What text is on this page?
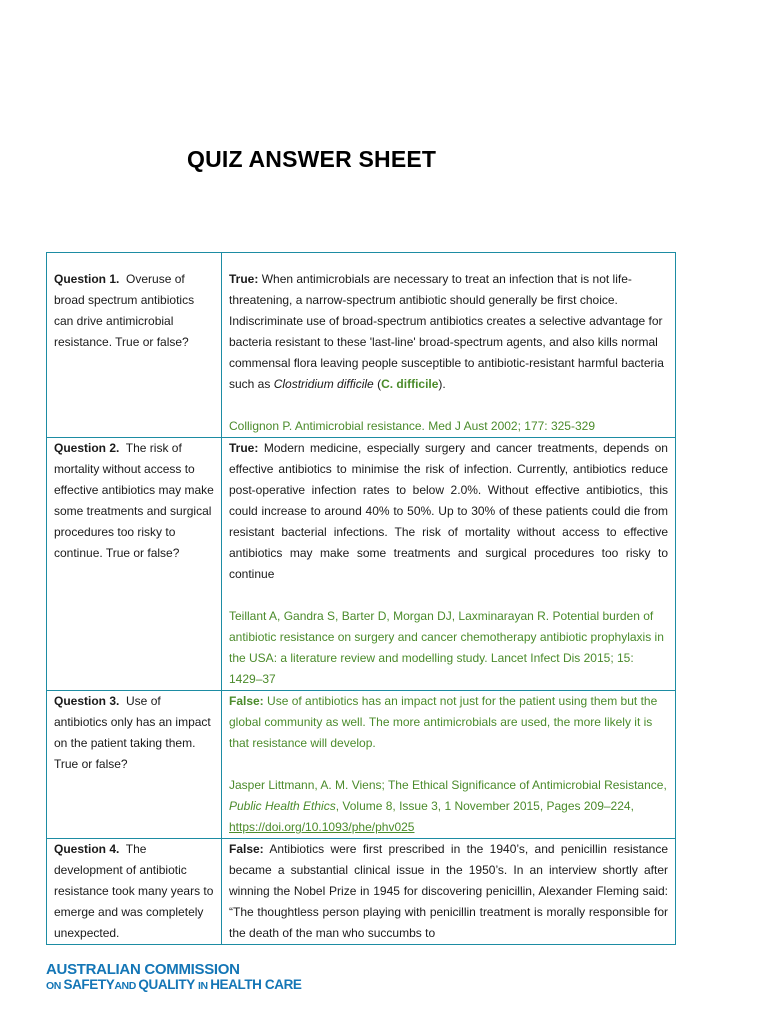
QUIZ ANSWER SHEET
Question 1. Overuse of broad spectrum antibiotics can drive antimicrobial resistance. True or false?	True: When antimicrobials are necessary to treat an infection that is not life-threatening, a narrow-spectrum antibiotic should generally be first choice. Indiscriminate use of broad-spectrum antibiotics creates a selective advantage for bacteria resistant to these 'last-line' broad-spectrum agents, and also kills normal commensal flora leaving people susceptible to antibiotic-resistant harmful bacteria such as Clostridium difficile (C. difficile).
Collignon P. Antimicrobial resistance. Med J Aust 2002; 177: 325-329

Question 2. The risk of mortality without access to effective antibiotics may make some treatments and surgical procedures too risky to continue. True or false?	True: Modern medicine, especially surgery and cancer treatments, depends on effective antibiotics to minimise the risk of infection. Currently, antibiotics reduce post-operative infection rates to below 2.0%. Without effective antibiotics, this could increase to around 40% to 50%. Up to 30% of these patients could die from resistant bacterial infections. The risk of mortality without access to effective antibiotics may make some treatments and surgical procedures too risky to continue
Teillant A, Gandra S, Barter D, Morgan DJ, Laxminarayan R. Potential burden of antibiotic resistance on surgery and cancer chemotherapy antibiotic prophylaxis in the USA: a literature review and modelling study. Lancet Infect Dis 2015; 15: 1429–37

Question 3. Use of antibiotics only has an impact on the patient taking them. True or false?	False: Use of antibiotics has an impact not just for the patient using them but the global community as well. The more antimicrobials are used, the more likely it is that resistance will develop.
Jasper Littmann, A. M. Viens; The Ethical Significance of Antimicrobial Resistance, Public Health Ethics, Volume 8, Issue 3, 1 November 2015, Pages 209–224, https://doi.org/10.1093/phe/phv025

Question 4. The development of antibiotic resistance took many years to emerge and was completely unexpected.	False: Antibiotics were first prescribed in the 1940’s, and penicillin resistance became a substantial clinical issue in the 1950’s. In an interview shortly after winning the Nobel Prize in 1945 for discovering penicillin, Alexander Fleming said: “The thoughtless person playing with penicillin treatment is morally responsible for the death of the man who succumbs to
AUSTRALIAN COMMISSION
ON SAFETYAND QUALITY IN HEALTH CARE
